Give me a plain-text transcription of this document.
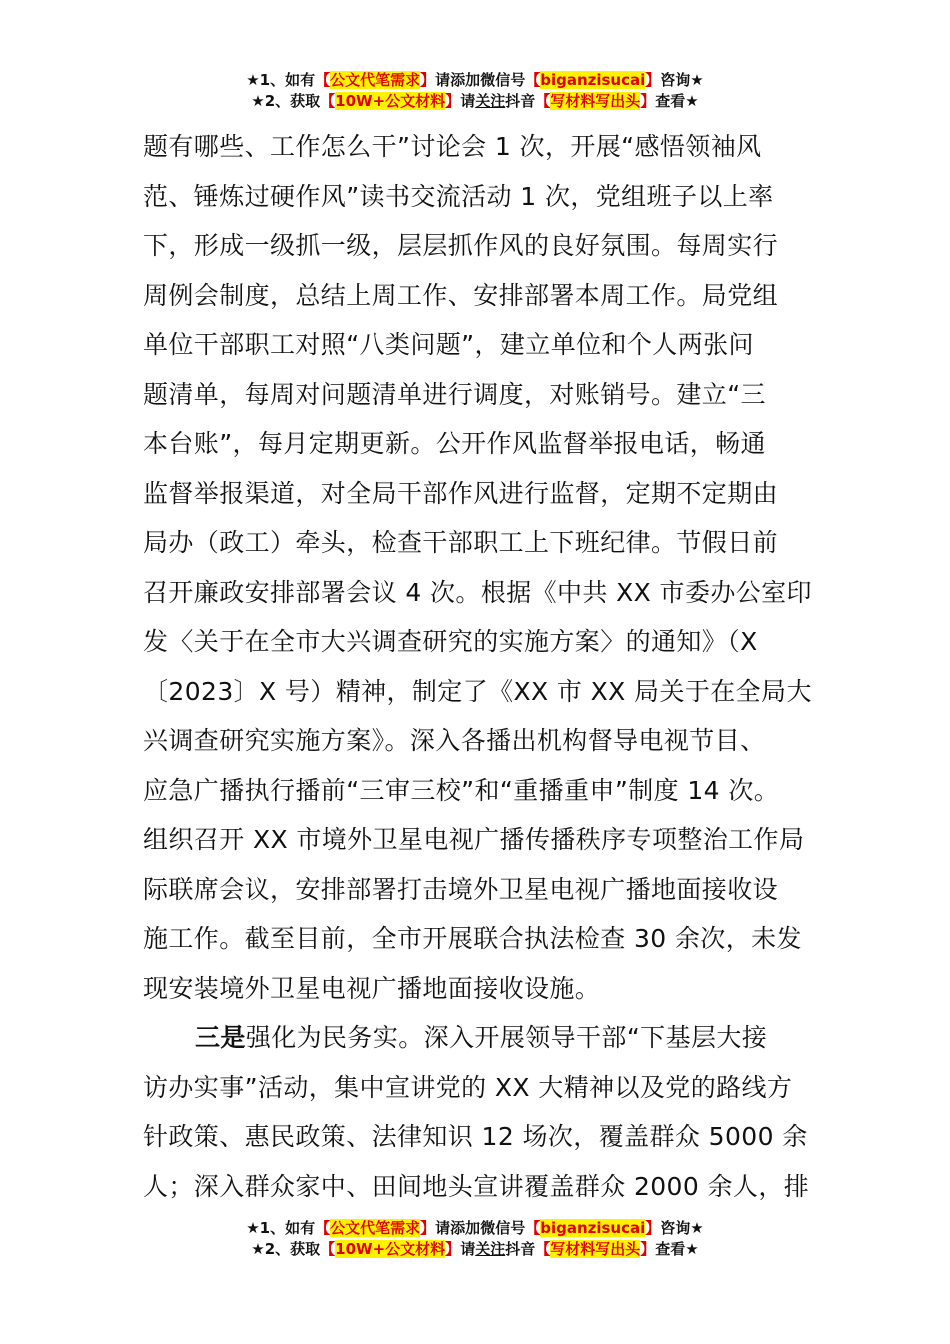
★1、如有【公文代笔需求】请添加微信号【biganzisucai】咨询★
★2、获取【10W+公文材料】请关注抖音【写材料写出头】查看★
题有哪些、工作怎么干”讨论会 1 次，开展“感悟领袖风
范、锤炼过硬作风”读书交流活动 1 次，党组班子以上率
下，形成一级抓一级，层层抓作风的良好氛围。每周实行
周例会制度，总结上周工作、安排部署本周工作。局党组
单位干部职工对照“八类问题”，建立单位和个人两张问
题清单，每周对问题清单进行调度，对账销号。建立“三
本台账”，每月定期更新。公开作风监督举报电话，畅通
监督举报渠道，对全局干部作风进行监督，定期不定期由
局办（政工）牵头，检查干部职工上下班纪律。节假日前
召开廉政安排部署会议 4 次。根据《中共 XX 市委办公室印
发〈关于在全市大兴调查研究的实施方案〉的通知》（X
〔2023〕X 号）精神，制定了《XX 市 XX 局关于在全局大
兴调查研究实施方案》。深入各播出机构督导电视节目、
应急广播执行播前“三审三校”和“重播重申”制度 14 次。
组织召开 XX 市境外卫星电视广播传播秩序专项整治工作局
际联席会议，安排部署打击境外卫星电视广播地面接收设
施工作。截至目前，全市开展联合执法检查 30 余次，未发
现安装境外卫星电视广播地面接收设施。
三是强化为民务实。深入开展领导干部“下基层大接
访办实事”活动，集中宣讲党的 XX 大精神以及党的路线方
针政策、惠民政策、法律知识 12 场次，覆盖群众 5000 余
人；深入群众家中、田间地头宣讲覆盖群众 2000 余人，排
★1、如有【公文代笔需求】请添加微信号【biganzisucai】咨询★
★2、获取【10W+公文材料】请关注抖音【写材料写出头】查看★
